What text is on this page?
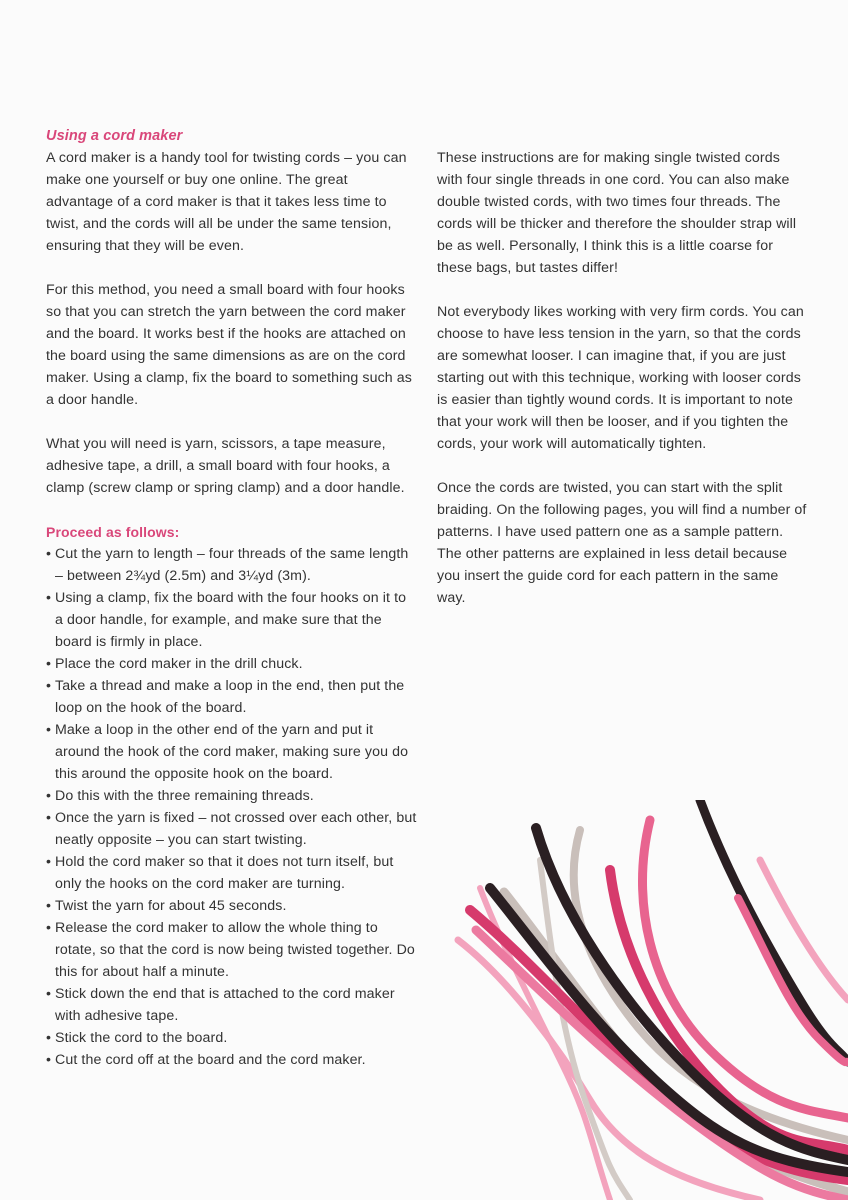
Using a cord maker

A cord maker is a handy tool for twisting cords – you can make one yourself or buy one online. The great advantage of a cord maker is that it takes less time to twist, and the cords will all be under the same tension, ensuring that they will be even.

For this method, you need a small board with four hooks so that you can stretch the yarn between the cord maker and the board. It works best if the hooks are attached on the board using the same dimensions as are on the cord maker. Using a clamp, fix the board to something such as a door handle.

What you will need is yarn, scissors, a tape measure, adhesive tape, a drill, a small board with four hooks, a clamp (screw clamp or spring clamp) and a door handle.

Proceed as follows:
• Cut the yarn to length – four threads of the same length – between 2¾yd (2.5m) and 3¼yd (3m).
• Using a clamp, fix the board with the four hooks on it to a door handle, for example, and make sure that the board is firmly in place.
• Place the cord maker in the drill chuck.
• Take a thread and make a loop in the end, then put the loop on the hook of the board.
• Make a loop in the other end of the yarn and put it around the hook of the cord maker, making sure you do this around the opposite hook on the board.
• Do this with the three remaining threads.
• Once the yarn is fixed – not crossed over each other, but neatly opposite – you can start twisting.
• Hold the cord maker so that it does not turn itself, but only the hooks on the cord maker are turning.
• Twist the yarn for about 45 seconds.
• Release the cord maker to allow the whole thing to rotate, so that the cord is now being twisted together. Do this for about half a minute.
• Stick down the end that is attached to the cord maker with adhesive tape.
• Stick the cord to the board.
• Cut the cord off at the board and the cord maker.

These instructions are for making single twisted cords with four single threads in one cord. You can also make double twisted cords, with two times four threads. The cords will be thicker and therefore the shoulder strap will be as well. Personally, I think this is a little coarse for these bags, but tastes differ!

Not everybody likes working with very firm cords. You can choose to have less tension in the yarn, so that the cords are somewhat looser. I can imagine that, if you are just starting out with this technique, working with looser cords is easier than tightly wound cords. It is important to note that your work will then be looser, and if you tighten the cords, your work will automatically tighten.

Once the cords are twisted, you can start with the split braiding. On the following pages, you will find a number of patterns. I have used pattern one as a sample pattern. The other patterns are explained in less detail because you insert the guide cord for each pattern in the same way.
